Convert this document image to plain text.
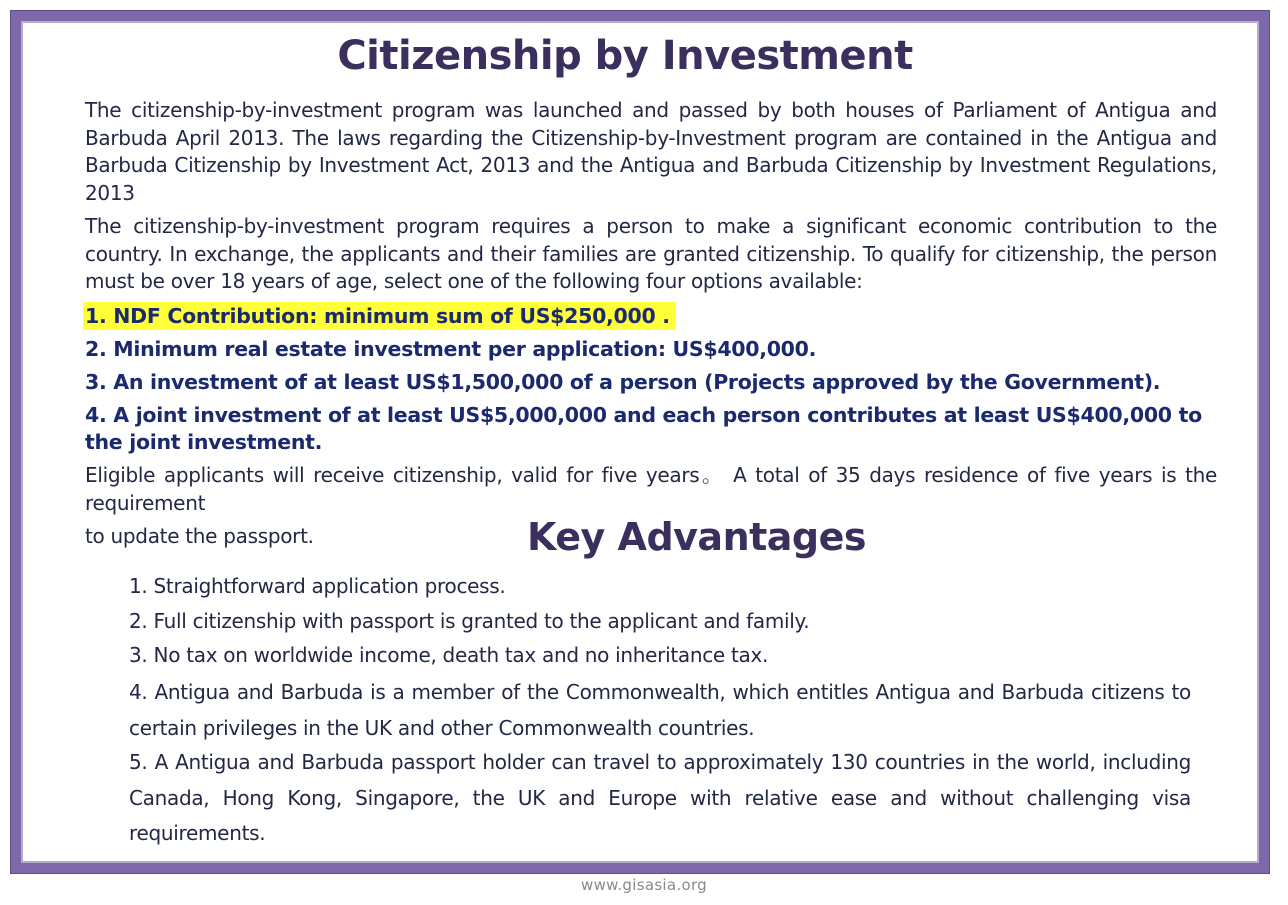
Citizenship by Investment

The citizenship-by-investment program was launched and passed by both houses of Parliament of Antigua and Barbuda April 2013. The laws regarding the Citizenship-by-Investment program are contained in the Antigua and Barbuda Citizenship by Investment Act, 2013 and the Antigua and Barbuda Citizenship by Investment Regulations, 2013

The citizenship-by-investment program requires a person to make a significant economic contribution to the country. In exchange, the applicants and their families are granted citizenship. To qualify for citizenship, the person must be over 18 years of age, select one of the following four options available:

1. NDF Contribution: minimum sum of US$250,000 .

2. Minimum real estate investment per application: US$400,000.

3. An investment of at least US$1,500,000 of a person (Projects approved by the Government).

4. A joint investment of at least US$5,000,000 and each person contributes at least US$400,000 to the joint investment.

Eligible applicants will receive citizenship, valid for five years。 A total of 35 days residence of five years is the requirement

to update the passport.	Key Advantages

1. Straightforward application process.

2. Full citizenship with passport is granted to the applicant and family.

3. No tax on worldwide income, death tax and no inheritance tax.

4. Antigua and Barbuda is a member of the Commonwealth, which entitles Antigua and Barbuda citizens to certain privileges in the UK and other Commonwealth countries.

5. A Antigua and Barbuda passport holder can travel to approximately 130 countries in the world, including Canada, Hong Kong, Singapore, the UK and Europe with relative ease and without challenging visa requirements.

www.gisasia.org
